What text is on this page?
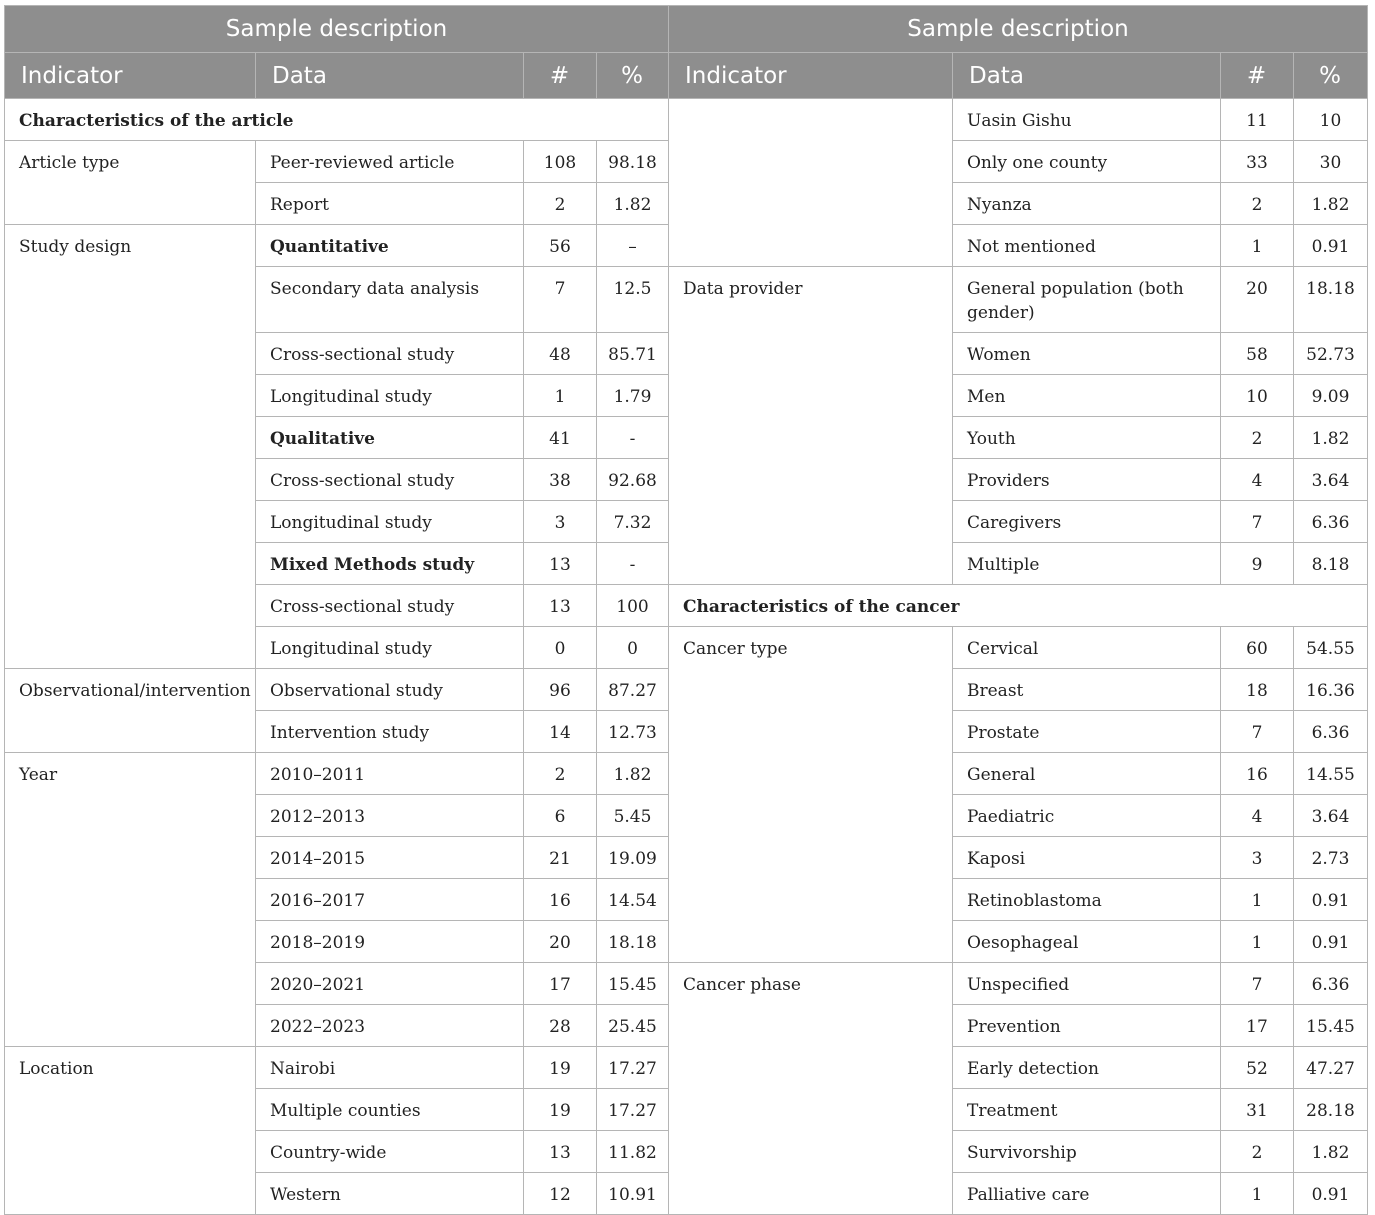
Sample description				Sample description			
Indicator	Data	#	%	Indicator	Data	#	%
Characteristics of the article					Uasin Gishu	11	10
Article type	Peer-reviewed article	108	98.18		Only one county	33	30
	Report	2	1.82		Nyanza	2	1.82
Study design	Quantitative	56	–		Not mentioned	1	0.91
	Secondary data analysis	7	12.5	Data provider	General population (both gender)	20	18.18
	Cross-sectional study	48	85.71		Women	58	52.73
	Longitudinal study	1	1.79		Men	10	9.09
	Qualitative	41	-		Youth	2	1.82
	Cross-sectional study	38	92.68		Providers	4	3.64
	Longitudinal study	3	7.32		Caregivers	7	6.36
	Mixed Methods study	13	-		Multiple	9	8.18
	Cross-sectional study	13	100	Characteristics of the cancer			
	Longitudinal study	0	0	Cancer type	Cervical	60	54.55
Observational/intervention	Observational study	96	87.27		Breast	18	16.36
	Intervention study	14	12.73		Prostate	7	6.36
Year	2010–2011	2	1.82		General	16	14.55
	2012–2013	6	5.45		Paediatric	4	3.64
	2014–2015	21	19.09		Kaposi	3	2.73
	2016–2017	16	14.54		Retinoblastoma	1	0.91
	2018–2019	20	18.18		Oesophageal	1	0.91
	2020–2021	17	15.45	Cancer phase	Unspecified	7	6.36
	2022–2023	28	25.45		Prevention	17	15.45
Location	Nairobi	19	17.27		Early detection	52	47.27
	Multiple counties	19	17.27		Treatment	31	28.18
	Country-wide	13	11.82		Survivorship	2	1.82
	Western	12	10.91		Palliative care	1	0.91
